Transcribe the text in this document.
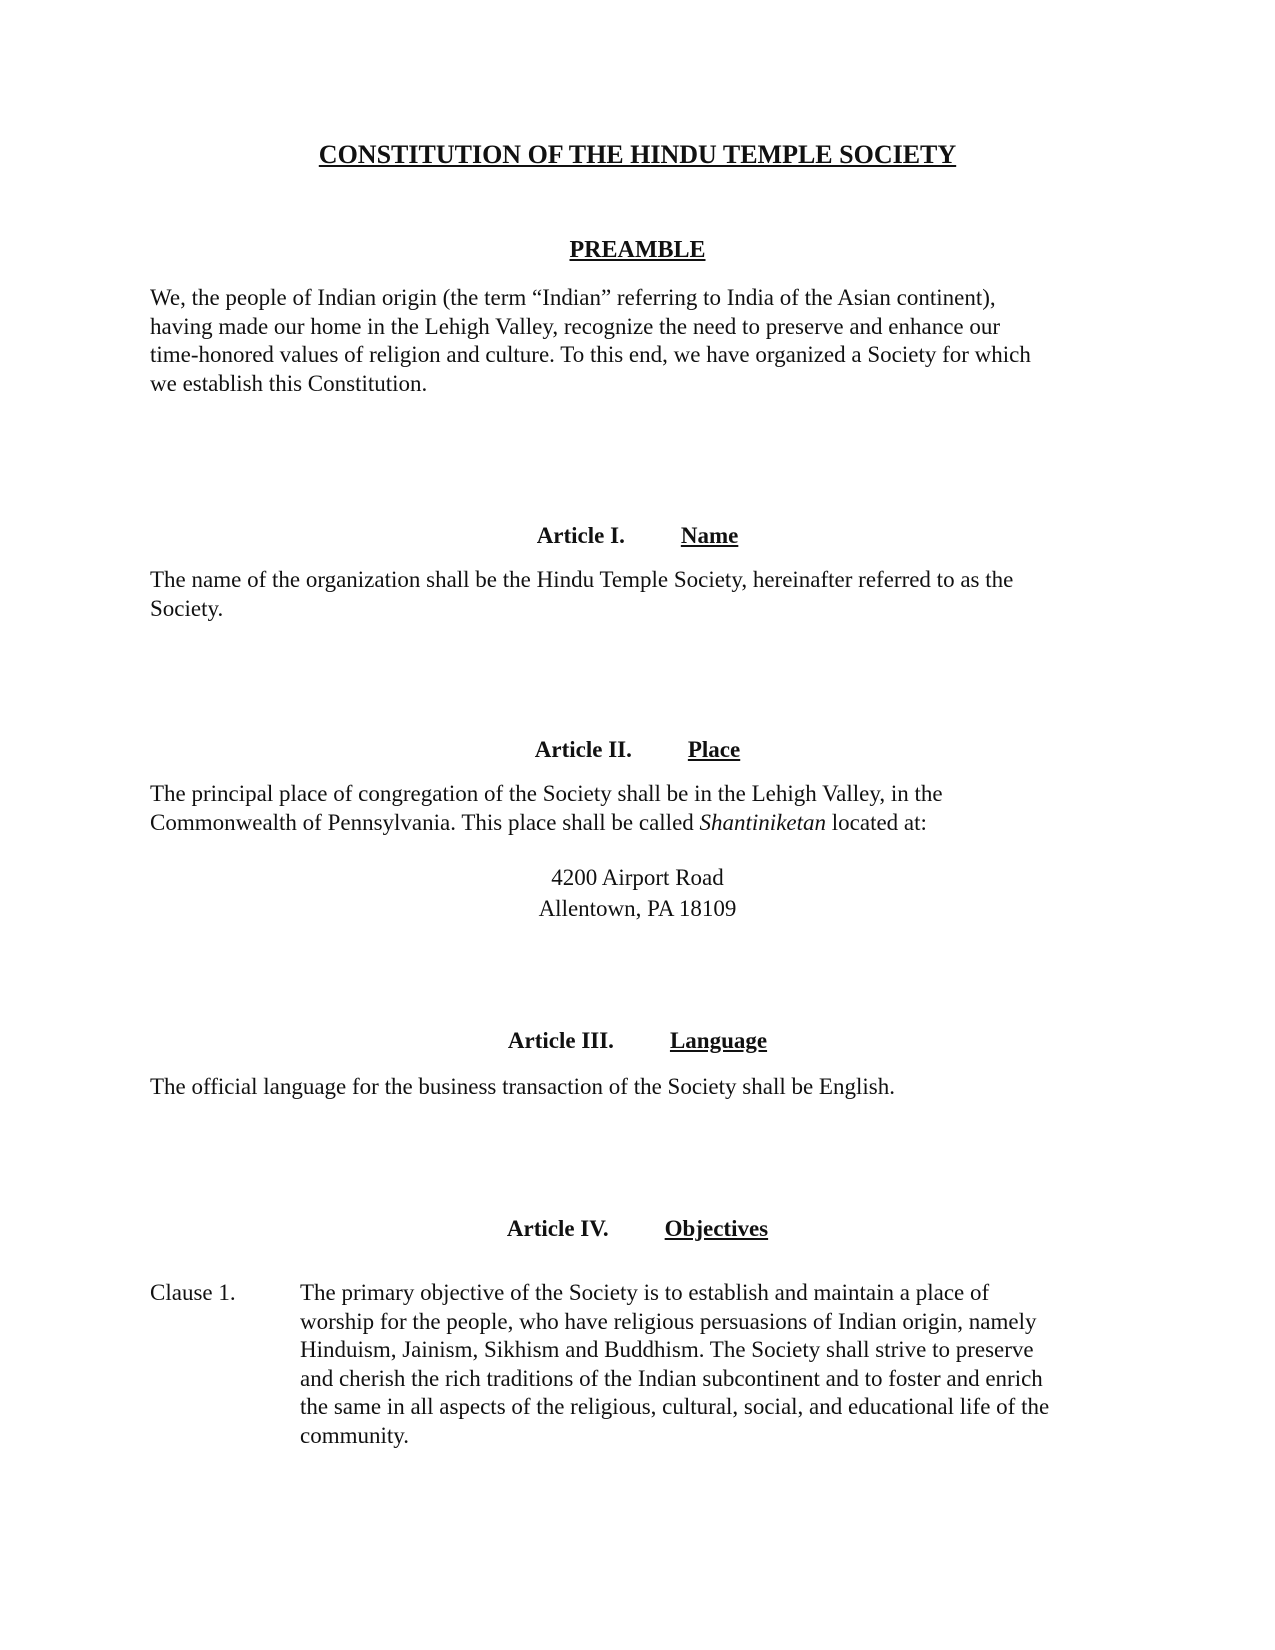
CONSTITUTION OF THE HINDU TEMPLE SOCIETY
PREAMBLE

We, the people of Indian origin (the term “Indian” referring to India of the Asian continent),
having made our home in the Lehigh Valley, recognize the need to preserve and enhance our
time-honored values of religion and culture. To this end, we have organized a Society for which
we establish this Constitution.

Article I. Name

The name of the organization shall be the Hindu Temple Society, hereinafter referred to as the
Society.

Article II. Place

The principal place of congregation of the Society shall be in the Lehigh Valley, in the
Commonwealth of Pennsylvania. This place shall be called Shantiniketan located at:

4200 Airport Road
Allentown, PA 18109

Article III. Language

The official language for the business transaction of the Society shall be English.

Article IV. Objectives

Clause 1.	The primary objective of the Society is to establish and maintain a place of
worship for the people, who have religious persuasions of Indian origin, namely
Hinduism, Jainism, Sikhism and Buddhism. The Society shall strive to preserve
and cherish the rich traditions of the Indian subcontinent and to foster and enrich
the same in all aspects of the religious, cultural, social, and educational life of the
community.
